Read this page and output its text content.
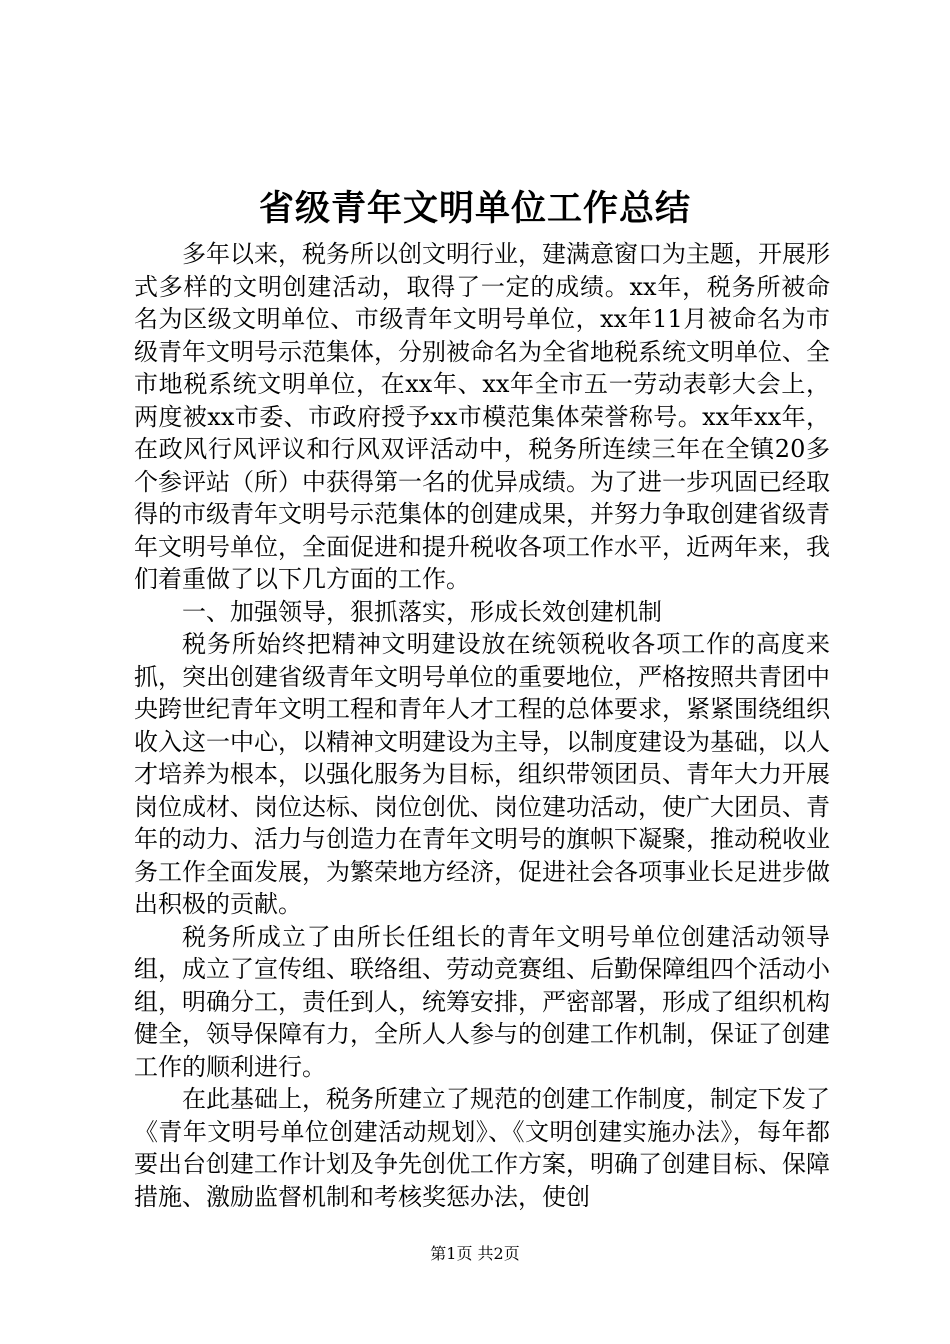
省级青年文明单位工作总结

多年以来，税务所以创文明行业，建满意窗口为主题，开展形式多样的文明创建活动，取得了一定的成绩。xx年，税务所被命名为区级文明单位、市级青年文明号单位，xx年11月被命名为市级青年文明号示范集体，分别被命名为全省地税系统文明单位、全市地税系统文明单位，在xx年、xx年全市五一劳动表彰大会上，两度被xx市委、市政府授予xx市模范集体荣誉称号。xx年xx年，在政风行风评议和行风双评活动中，税务所连续三年在全镇20多个参评站（所）中获得第一名的优异成绩。为了进一步巩固已经取得的市级青年文明号示范集体的创建成果，并努力争取创建省级青年文明号单位，全面促进和提升税收各项工作水平，近两年来，我们着重做了以下几方面的工作。

一、加强领导，狠抓落实，形成长效创建机制

税务所始终把精神文明建设放在统领税收各项工作的高度来抓，突出创建省级青年文明号单位的重要地位，严格按照共青团中央跨世纪青年文明工程和青年人才工程的总体要求，紧紧围绕组织收入这一中心，以精神文明建设为主导，以制度建设为基础，以人才培养为根本，以强化服务为目标，组织带领团员、青年大力开展岗位成材、岗位达标、岗位创优、岗位建功活动，使广大团员、青年的动力、活力与创造力在青年文明号的旗帜下凝聚，推动税收业务工作全面发展，为繁荣地方经济，促进社会各项事业长足进步做出积极的贡献。

税务所成立了由所长任组长的青年文明号单位创建活动领导组，成立了宣传组、联络组、劳动竞赛组、后勤保障组四个活动小组，明确分工，责任到人，统筹安排，严密部署，形成了组织机构健全，领导保障有力，全所人人参与的创建工作机制，保证了创建工作的顺利进行。

在此基础上，税务所建立了规范的创建工作制度，制定下发了《青年文明号单位创建活动规划》、《文明创建实施办法》，每年都要出台创建工作计划及争先创优工作方案，明确了创建目标、保障措施、激励监督机制和考核奖惩办法，使创

第1页 共2页
